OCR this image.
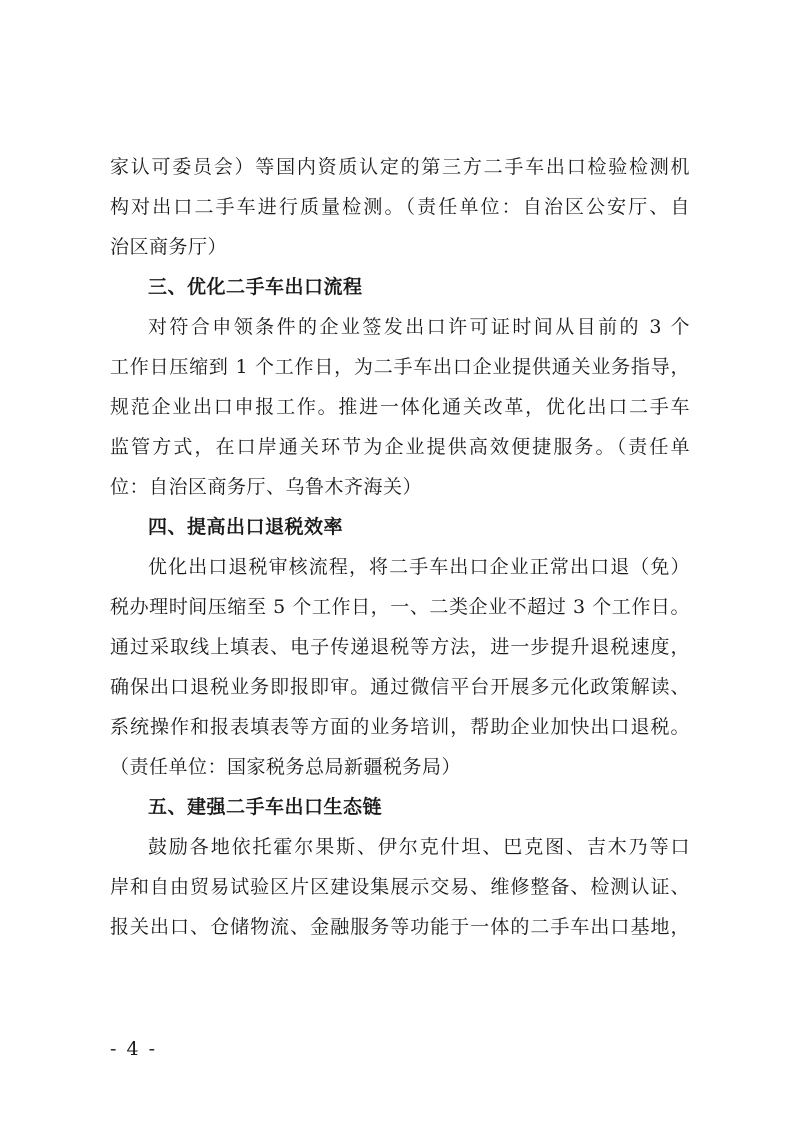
家认可委员会）等国内资质认定的第三方二手车出口检验检测机
构对出口二手车进行质量检测。（责任单位：自治区公安厅、自
治区商务厅）
三、优化二手车出口流程
对符合申领条件的企业签发出口许可证时间从目前的 3 个
工作日压缩到 1 个工作日，为二手车出口企业提供通关业务指导，
规范企业出口申报工作。推进一体化通关改革，优化出口二手车
监管方式，在口岸通关环节为企业提供高效便捷服务。（责任单
位：自治区商务厅、乌鲁木齐海关）
四、提高出口退税效率
优化出口退税审核流程，将二手车出口企业正常出口退（免）
税办理时间压缩至 5 个工作日，一、二类企业不超过 3 个工作日。
通过采取线上填表、电子传递退税等方法，进一步提升退税速度，
确保出口退税业务即报即审。通过微信平台开展多元化政策解读、
系统操作和报表填表等方面的业务培训，帮助企业加快出口退税。
（责任单位：国家税务总局新疆税务局）
五、建强二手车出口生态链
鼓励各地依托霍尔果斯、伊尔克什坦、巴克图、吉木乃等口
岸和自由贸易试验区片区建设集展示交易、维修整备、检测认证、
报关出口、仓储物流、金融服务等功能于一体的二手车出口基地，
- 4 -
